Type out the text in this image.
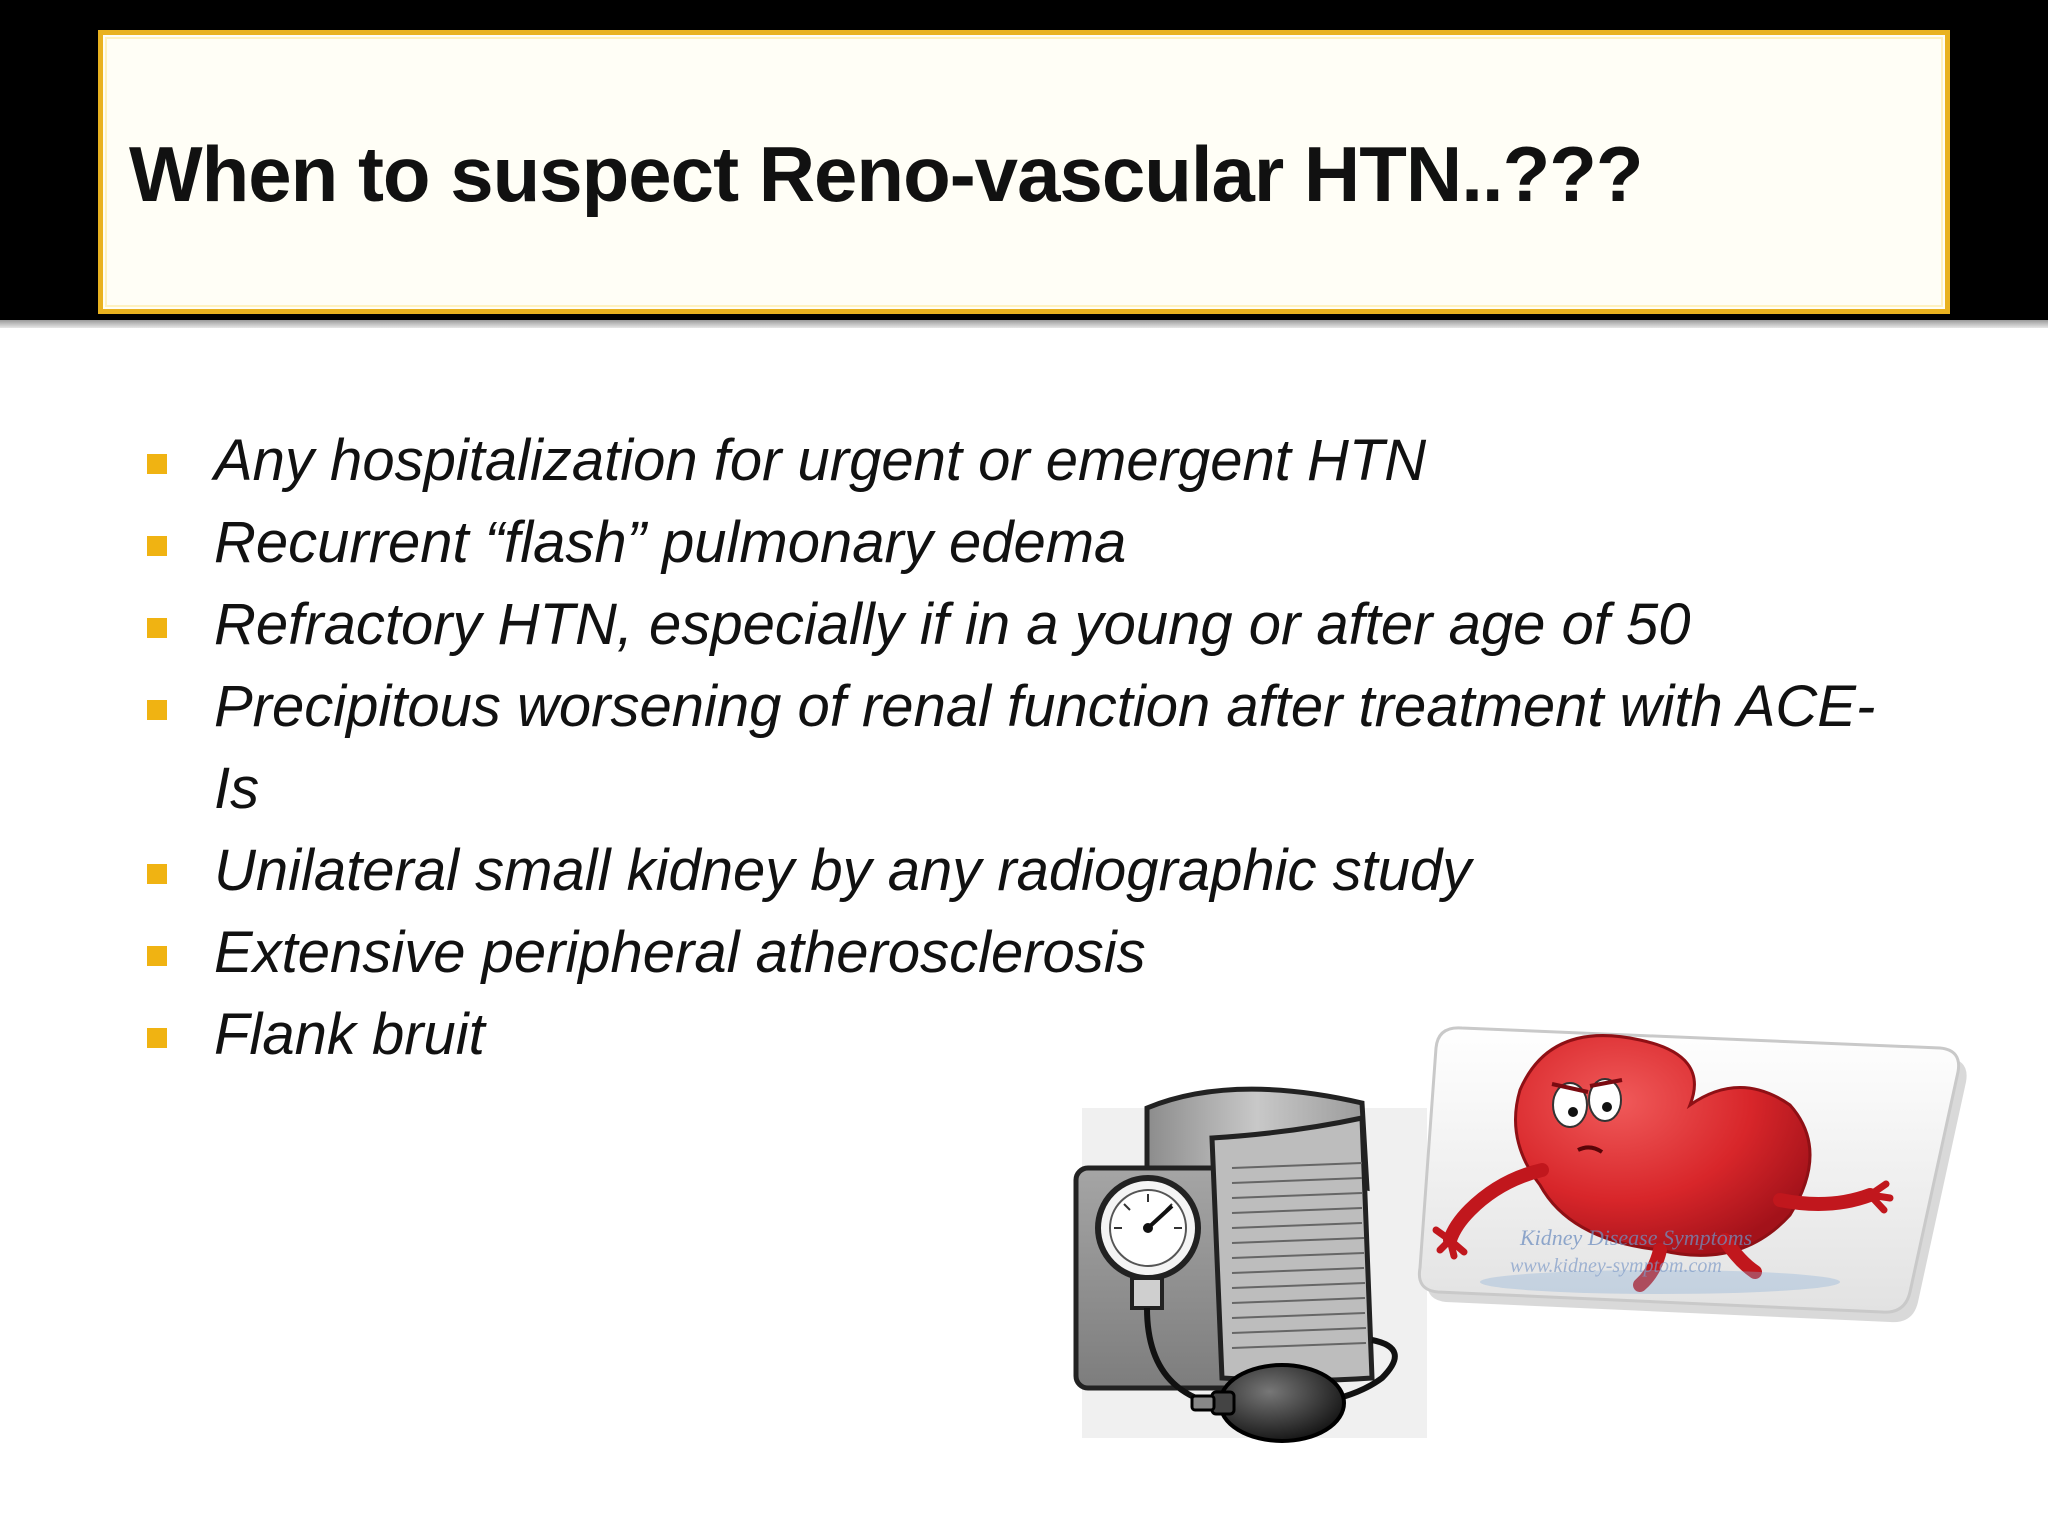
When to suspect Reno-vascular HTN..???
Any hospitalization for urgent or emergent HTN
Recurrent “flash” pulmonary edema
Refractory HTN, especially if in a young or after age of 50
Precipitous worsening of renal function after treatment with ACE-Is
Unilateral small kidney by any radiographic study
Extensive peripheral atherosclerosis
Flank bruit
Kidney Disease Symptoms
www.kidney-symptom.com
